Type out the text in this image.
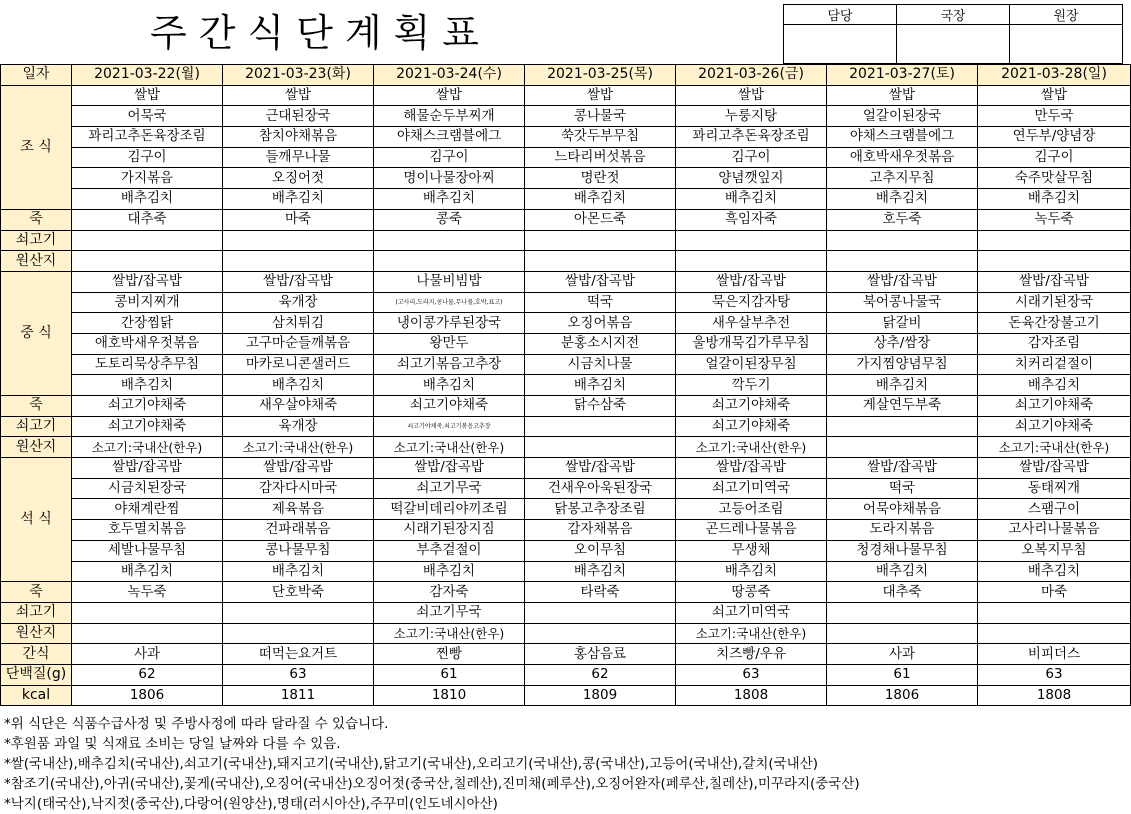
주간식단계획표	담당	국장	원장

일자	2021-03-22(월)	2021-03-23(화)	2021-03-24(수)	2021-03-25(목)	2021-03-26(금)	2021-03-27(토)	2021-03-28(일)
조 식	쌀밥	쌀밥	쌀밥	쌀밥	쌀밥	쌀밥	쌀밥
	어묵국	근대된장국	해물순두부찌개	콩나물국	누룽지탕	얼갈이된장국	만두국
	꽈리고추돈육장조림	참치야채볶음	야채스크램블에그	쑥갓두부무침	꽈리고추돈육장조림	야채스크램블에그	연두부/양념장
	김구이	들깨무나물	김구이	느타리버섯볶음	김구이	애호박새우젓볶음	김구이
	가지볶음	오징어젓	명이나물장아찌	명란젓	양념깻잎지	고추지무침	숙주맛살무침
	배추김치	배추김치	배추김치	배추김치	배추김치	배추김치	배추김치
죽	대추죽	마죽	콩죽	아몬드죽	흑임자죽	호두죽	녹두죽
쇠고기							
원산지							
중 식	쌀밥/잡곡밥	쌀밥/잡곡밥	나물비빔밥	쌀밥/잡곡밥	쌀밥/잡곡밥	쌀밥/잡곡밥	쌀밥/잡곡밥
	콩비지찌개	육개장	(고사리,도라지,콩나물,무나물,호박,표고)	떡국	묵은지감자탕	북어콩나물국	시래기된장국
	간장찜닭	삼치튀김	냉이콩가루된장국	오징어볶음	새우살부추전	닭갈비	돈육간장불고기
	애호박새우젓볶음	고구마순들깨볶음	왕만두	분홍소시지전	울방개묵김가루무침	상추/쌈장	감자조림
	도토리묵상추무침	마카로니콘샐러드	쇠고기볶음고추장	시금치나물	얼갈이된장무침	가지찜양념무침	치커리겉절이
	배추김치	배추김치	배추김치	배추김치	깍두기	배추김치	배추김치
죽	쇠고기야채죽	새우살야채죽	쇠고기야채죽	닭수삼죽	쇠고기야채죽	게살연두부죽	쇠고기야채죽
쇠고기	쇠고기야채죽	육개장	쇠고기야채죽,쇠고기볶음고추장		쇠고기야채죽		쇠고기야채죽
원산지	소고기:국내산(한우)	소고기:국내산(한우)	소고기:국내산(한우)		소고기:국내산(한우)		소고기:국내산(한우)
석 식	쌀밥/잡곡밥	쌀밥/잡곡밥	쌀밥/잡곡밥	쌀밥/잡곡밥	쌀밥/잡곡밥	쌀밥/잡곡밥	쌀밥/잡곡밥
	시금치된장국	감자다시마국	쇠고기무국	건새우아욱된장국	쇠고기미역국	떡국	동태찌개
	야채계란찜	제육볶음	떡갈비데리야끼조림	닭봉고추장조림	고등어조림	어묵야채볶음	스팸구이
	호두멸치볶음	건파래볶음	시래기된장지짐	감자채볶음	곤드레나물볶음	도라지볶음	고사리나물볶음
	세발나물무침	콩나물무침	부추겉절이	오이무침	무생채	청경채나물무침	오복지무침
	배추김치	배추김치	배추김치	배추김치	배추김치	배추김치	배추김치
죽	녹두죽	단호박죽	감자죽	타락죽	땅콩죽	대추죽	마죽
쇠고기			쇠고기무국		쇠고기미역국		
원산지			소고기:국내산(한우)		소고기:국내산(한우)		
간식	사과	떠먹는요거트	찐빵	홍삼음료	치즈빵/우유	사과	비피더스
단백질(g)	62	63	61	62	63	61	63
kcal	1806	1811	1810	1809	1808	1806	1808
*위 식단은 식품수급사정 및 주방사정에 따라 달라질 수 있습니다.
*후원품 과일 및 식재료 소비는 당일 날짜와 다를 수 있음.
*쌀(국내산),배추김치(국내산),쇠고기(국내산),돼지고기(국내산),닭고기(국내산),오리고기(국내산),콩(국내산),고등어(국내산),갈치(국내산)
*참조기(국내산),아귀(국내산),꽃게(국내산),오징어(국내산)오징어젓(중국산,칠레산),진미채(페루산),오징어완자(페루산,칠레산),미꾸라지(중국산)
*낙지(태국산),낙지젓(중국산),다랑어(원양산),명태(러시아산),주꾸미(인도네시아산)
